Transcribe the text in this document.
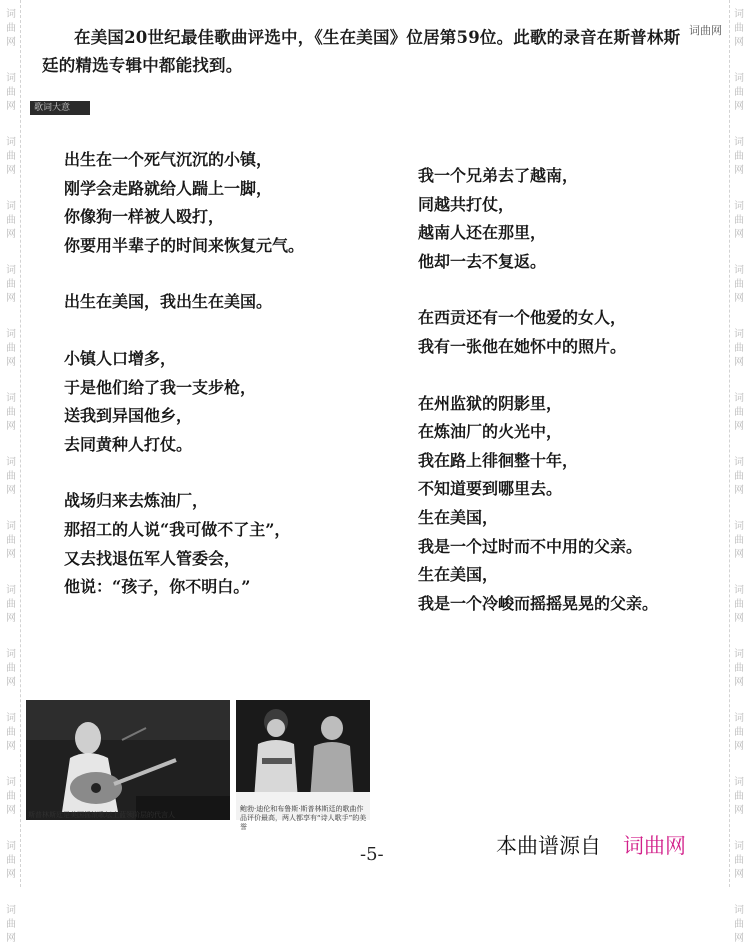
词
曲
网
词
曲
网
词
曲
网
词
曲
网
词
曲
网
词
曲
网
词
曲
网
词
曲
网
词
曲
网
词
曲
网
词
曲
网
词
曲
网
词
曲
网
词
曲
网
词
曲
网
词
曲
网
词
曲
网
词
曲
网
词
曲
网
词
曲
网
词
曲
网
词
曲
网
词
曲
网
词
曲
网
词
曲
网
词
曲
网
词
曲
网
词
曲
网
词
曲
网
词
曲
网
词曲网
在美国20世纪最佳歌曲评选中，《生在美国》位居第59位。此歌的录音在斯普林斯
廷的精选专辑中都能找到。
歌词大意
出生在一个死气沉沉的小镇，
刚学会走路就给人踹上一脚，
你像狗一样被人殴打，
你要用半辈子的时间来恢复元气。
出生在美国，我出生在美国。
小镇人口增多，
于是他们给了我一支步枪，
送我到异国他乡，
去同黄种人打仗。
战场归来去炼油厂，
那招工的人说“我可做不了主”，
又去找退伍军人管委会，
他说：“孩子，你不明白。”
我一个兄弟去了越南，
同越共打仗，
越南人还在那里，
他却一去不复返。
在西贡还有一个他爱的女人，
我有一张他在她怀中的照片。
在州监狱的阴影里，
在炼油厂的火光中，
我在路上徘徊整十年，
不知道要到哪里去。
生在美国，
我是一个过时而不中用的父亲。
生在美国，
我是一个冷峻而摇摇晃晃的父亲。
斯普林斯廷是美国摇滚歌坛上蓝领阶层的代言人
鲍勃·迪伦和布鲁斯·斯普林斯廷的歌曲作品评价最高，两人都享有“诗人歌手”的美誉
-5-	本曲谱源自 词曲网
